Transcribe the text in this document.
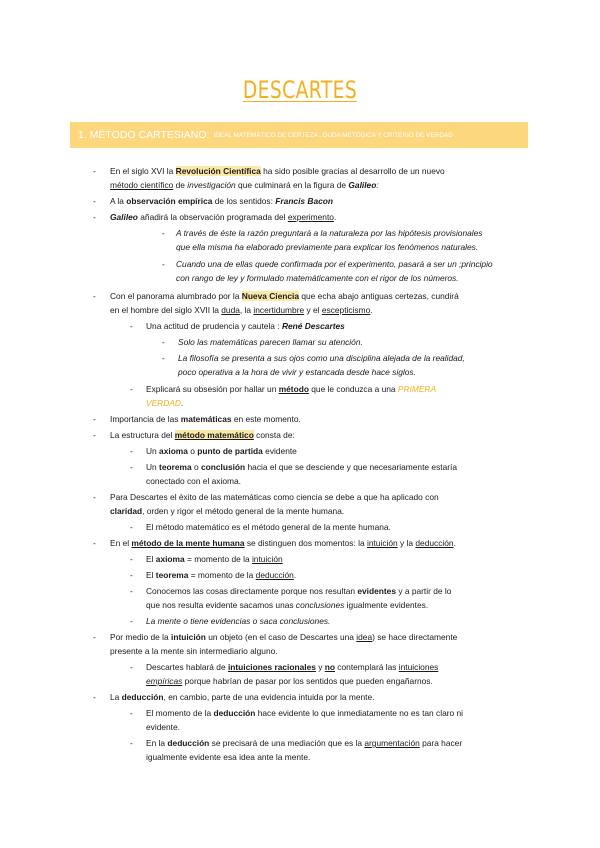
DESCARTES
1. MÉTODO CARTESIANO: IDEAL MATEMÁTICO DE CERTEZA , DUDA METÓDICA Y CRITERIO DE VERDAD
- En el siglo XVI la Revolución Científica ha sido posible gracias al desarrollo de un nuevo
método científico de investigación que culminará en la figura de Galileo:
- A la observación empírica de los sentidos: Francis Bacon
- Galileo añadirá la observación programada del experimento.
- A través de éste la razón preguntará a la naturaleza por las hipótesis provisionales
que ella misma ha elaborado previamente para explicar los fenómenos naturales.
- Cuando una de ellas quede confirmada por el experimento, pasará a ser un ;principio
con rango de ley y formulado matemáticamente con el rigor de los números.
- Con el panorama alumbrado por la Nueva Ciencia que echa abajo antiguas certezas, cundirá
en el hombre del siglo XVII la duda, la incertidumbre y el escepticismo.
- Una actitud de prudencia y cautela : René Descartes
- Solo las matemáticas parecen llamar su atención.
- La filosofía se presenta a sus ojos como una disciplina alejada de la realidad,
poco operativa a la hora de vivir y estancada desde hace siglos.
- Explicará su obsesión por hallar un método que le conduzca a una PRIMERA
VERDAD.
- Importancia de las matemáticas en este momento.
- La estructura del método matemático consta de:
- Un axioma o punto de partida evidente
- Un teorema o conclusión hacia el que se desciende y que necesariamente estaría
conectado con el axioma.
- Para Descartes el éxito de las matemáticas como ciencia se debe a que ha aplicado con
claridad, orden y rigor el método general de la mente humana.
- El método matemático es el método general de la mente humana.
- En el método de la mente humana se distinguen dos momentos: la intuición y la deducción.
- El axioma = momento de la intuición
- El teorema = momento de la deducción.
- Conocemos las cosas directamente porque nos resultan evidentes y a partir de lo
que nos resulta evidente sacamos unas conclusiones igualmente evidentes.
- La mente o tiene evidencias o saca conclusiones.
- Por medio de la intuición un objeto (en el caso de Descartes una idea) se hace directamente
presente a la mente sin intermediario alguno.
- Descartes hablará de intuiciones racionales y no contemplará las intuiciones
empíricas porque habrían de pasar por los sentidos que pueden engañarnos.
- La deducción, en cambio, parte de una evidencia intuida por la mente.
- El momento de la deducción hace evidente lo que inmediatamente no es tan claro ni
evidente.
- En la deducción se precisará de una mediación que es la argumentación para hacer
igualmente evidente esa idea ante la mente.
